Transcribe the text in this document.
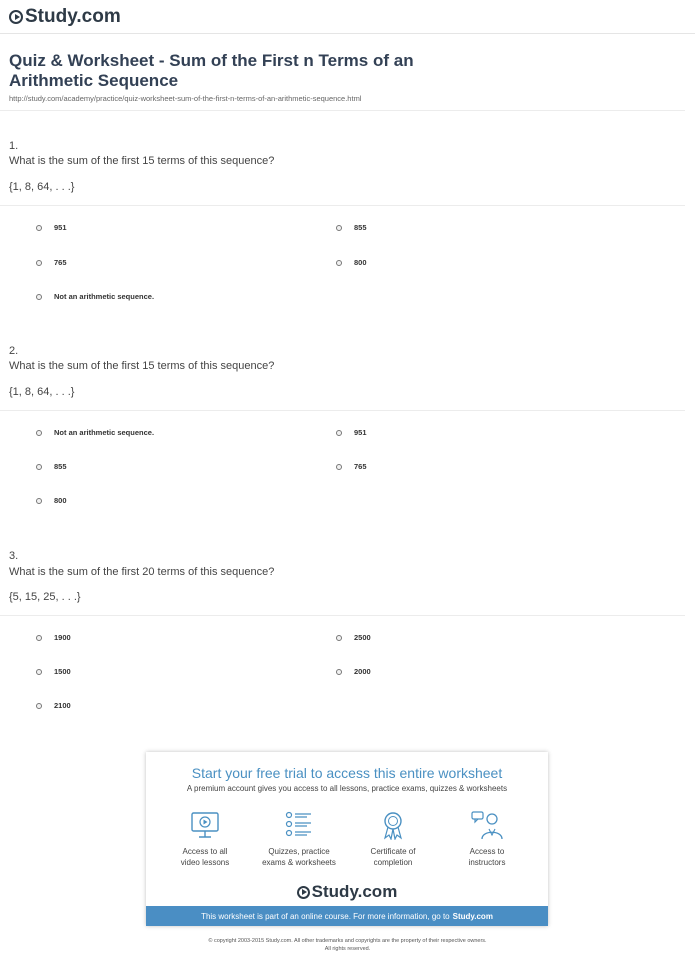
Study.com
Quiz & Worksheet - Sum of the First n Terms of an Arithmetic Sequence
http://study.com/academy/practice/quiz-worksheet-sum-of-the-first-n-terms-of-an-arithmetic-sequence.html
1.
What is the sum of the first 15 terms of this sequence?
{1, 8, 64, . . .}
951	855
765	800
Not an arithmetic sequence.
2.
What is the sum of the first 15 terms of this sequence?
{1, 8, 64, . . .}
Not an arithmetic sequence.	951
855	765
800
3.
What is the sum of the first 20 terms of this sequence?
{5, 15, 25, . . .}
1900	2500
1500	2000
2100
Start your free trial to access this entire worksheet
A premium account gives you access to all lessons, practice exams, quizzes & worksheets
Access to all
video lessons
Quizzes, practice
exams & worksheets
Certificate of
completion
Access to
instructors
Study.com
This worksheet is part of an online course. For more information, go to Study.com
© copyright 2003-2015 Study.com. All other trademarks and copyrights are the property of their respective owners.
All rights reserved.
